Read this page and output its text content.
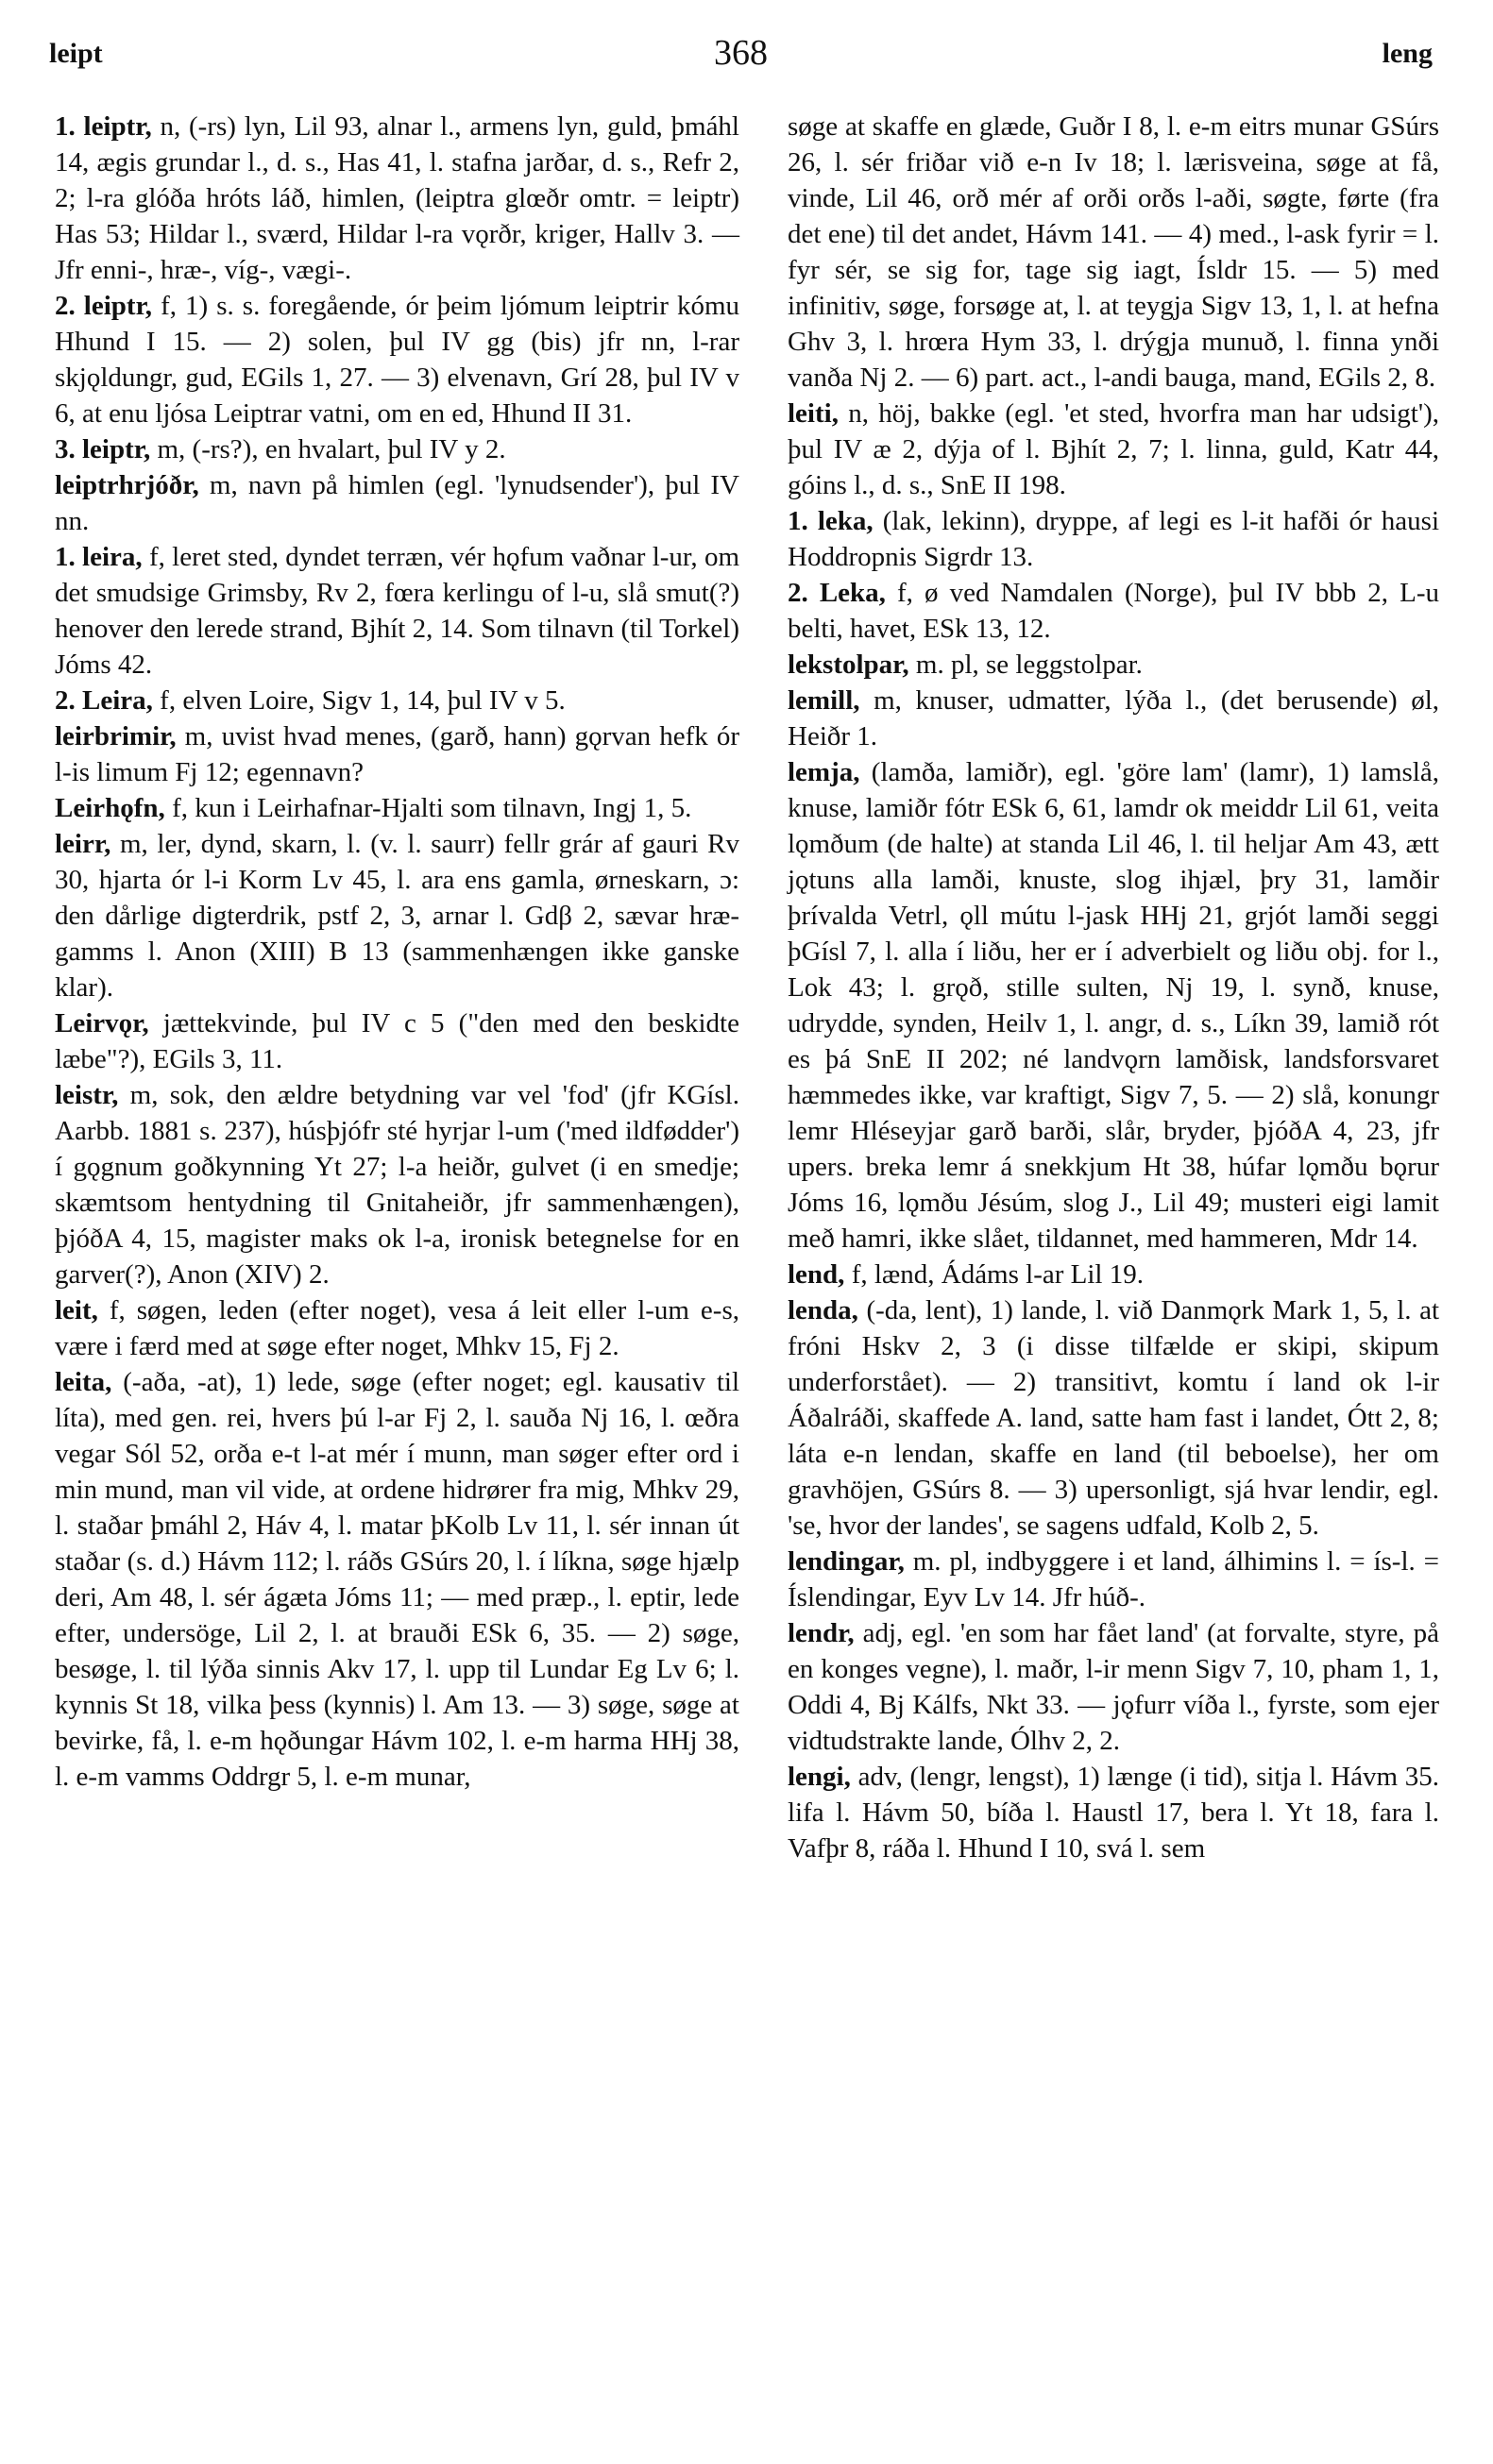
leipt	368	leng

1. leiptr, n, (-rs) lyn, Lil 93, alnar l., armens lyn, guld, þmáhl 14, ægis grundar l., d. s., Has 41, l. stafna jarðar, d. s., Refr 2, 2; l-ra glóða hróts láð, himlen, (leiptra glœðr omtr. = leiptr) Has 53; Hildar l., sværd, Hildar l-ra vǫrðr, kriger, Hallv 3. — Jfr enni-, hræ-, víg-, vægi-.

2. leiptr, f, 1) s. s. foregående, ór þeim ljómum leiptrir kómu Hhund I 15. — 2) solen, þul IV gg (bis) jfr nn, l-rar skjǫldungr, gud, EGils 1, 27. — 3) elvenavn, Grí 28, þul IV v 6, at enu ljósa Leiptrar vatni, om en ed, Hhund II 31.

3. leiptr, m, (-rs?), en hvalart, þul IV y 2.

leiptrhrjóðr, m, navn på himlen (egl. 'lynudsender'), þul IV nn.

1. leira, f, leret sted, dyndet terræn, vér hǫfum vaðnar l-ur, om det smudsige Grimsby, Rv 2, fœra kerlingu of l-u, slå smut(?) henover den lerede strand, Bjhít 2, 14. Som tilnavn (til Torkel) Jóms 42.

2. Leira, f, elven Loire, Sigv 1, 14, þul IV v 5.

leirbrimir, m, uvist hvad menes, (garð, hann) gǫrvan hefk ór l-is limum Fj 12; egennavn?

Leirhǫfn, f, kun i Leirhafnar-Hjalti som tilnavn, Ingj 1, 5.

leirr, m, ler, dynd, skarn, l. (v. l. saurr) fellr grár af gauri Rv 30, hjarta ór l-i Korm Lv 45, l. ara ens gamla, ørneskarn, ɔ: den dårlige digterdrik, pstf 2, 3, arnar l. Gdβ 2, sævar hrægamms l. Anon (XIII) B 13 (sammenhængen ikke ganske klar).

Leirvǫr, jættekvinde, þul IV c 5 ("den med den beskidte læbe"?), EGils 3, 11.

leistr, m, sok, den ældre betydning var vel 'fod' (jfr KGísl. Aarbb. 1881 s. 237), húsþjófr sté hyrjar l-um ('med ildfødder') í gǫgnum goðkynning Yt 27; l-a heiðr, gulvet (i en smedje; skæmtsom hentydning til Gnitaheiðr, jfr sammenhængen), þjóðA 4, 15, magister maks ok l-a, ironisk betegnelse for en garver(?), Anon (XIV) 2.

leit, f, søgen, leden (efter noget), vesa á leit eller l-um e-s, være i færd med at søge efter noget, Mhkv 15, Fj 2.

leita, (-aða, -at), 1) lede, søge (efter noget; egl. kausativ til líta), med gen. rei, hvers þú l-ar Fj 2, l. sauða Nj 16, l. œðra vegar Sól 52, orða e-t l-at mér í munn, man søger efter ord i min mund, man vil vide, at ordene hidrører fra mig, Mhkv 29, l. staðar þmáhl 2, Háv 4, l. matar þKolb Lv 11, l. sér innan út staðar (s. d.) Hávm 112; l. ráðs GSúrs 20, l. í líkna, søge hjælp deri, Am 48, l. sér ágæta Jóms 11; — med præp., l. eptir, lede efter, undersöge, Lil 2, l. at brauði ESk 6, 35. — 2) søge, besøge, l. til lýða sinnis Akv 17, l. upp til Lundar Eg Lv 6; l. kynnis St 18, vilka þess (kynnis) l. Am 13. — 3) søge, søge at bevirke, få, l. e-m hǫðungar Hávm 102, l. e-m harma HHj 38, l. e-m vamms Oddrgr 5, l. e-m munar,

søge at skaffe en glæde, Guðr I 8, l. e-m eitrs munar GSúrs 26, l. sér friðar við e-n Iv 18; l. lærisveina, søge at få, vinde, Lil 46, orð mér af orði orðs l-aði, søgte, førte (fra det ene) til det andet, Hávm 141. — 4) med., l-ask fyrir = l. fyr sér, se sig for, tage sig iagt, Ísldr 15. — 5) med infinitiv, søge, forsøge at, l. at teygja Sigv 13, 1, l. at hefna Ghv 3, l. hrœra Hym 33, l. drýgja munuð, l. finna ynði vanða Nj 2. — 6) part. act., l-andi bauga, mand, EGils 2, 8.

leiti, n, höj, bakke (egl. 'et sted, hvorfra man har udsigt'), þul IV æ 2, dýja of l. Bjhít 2, 7; l. linna, guld, Katr 44, góins l., d. s., SnE II 198.

1. leka, (lak, lekinn), dryppe, af legi es l-it hafði ór hausi Hoddropnis Sigrdr 13.

2. Leka, f, ø ved Namdalen (Norge), þul IV bbb 2, L-u belti, havet, ESk 13, 12.

lekstolpar, m. pl, se leggstolpar.

lemill, m, knuser, udmatter, lýða l., (det berusende) øl, Heiðr 1.

lemja, (lamða, lamiðr), egl. 'göre lam' (lamr), 1) lamslå, knuse, lamiðr fótr ESk 6, 61, lamdr ok meiddr Lil 61, veita lǫmðum (de halte) at standa Lil 46, l. til heljar Am 43, ætt jǫtuns alla lamði, knuste, slog ihjæl, þry 31, lamðir þrívalda Vetrl, ǫll mútu l-jask HHj 21, grjót lamði seggi þGísl 7, l. alla í liðu, her er í adverbielt og liðu obj. for l., Lok 43; l. grǫð, stille sulten, Nj 19, l. synð, knuse, udrydde, synden, Heilv 1, l. angr, d. s., Líkn 39, lamið rót es þá SnE II 202; né landvǫrn lamðisk, landsforsvaret hæmmedes ikke, var kraftigt, Sigv 7, 5. — 2) slå, konungr lemr Hléseyjar garð barði, slår, bryder, þjóðA 4, 23, jfr upers. breka lemr á snekkjum Ht 38, húfar lǫmðu bǫrur Jóms 16, lǫmðu Jésúm, slog J., Lil 49; musteri eigi lamit með hamri, ikke slået, tildannet, med hammeren, Mdr 14.

lend, f, lænd, Ádáms l-ar Lil 19.

lenda, (-da, lent), 1) lande, l. við Danmǫrk Mark 1, 5, l. at fróni Hskv 2, 3 (i disse tilfælde er skipi, skipum underforstået). — 2) transitivt, komtu í land ok l-ir Áðalráði, skaffede A. land, satte ham fast i landet, Ótt 2, 8; láta e-n lendan, skaffe en land (til beboelse), her om gravhöjen, GSúrs 8. — 3) upersonligt, sjá hvar lendir, egl. 'se, hvor der landes', se sagens udfald, Kolb 2, 5.

lendingar, m. pl, indbyggere i et land, álhimins l. = ís-l. = Íslendingar, Eyv Lv 14. Jfr húð-.

lendr, adj, egl. 'en som har fået land' (at forvalte, styre, på en konges vegne), l. maðr, l-ir menn Sigv 7, 10, pham 1, 1, Oddi 4, Bj Kálfs, Nkt 33. — jǫfurr víða l., fyrste, som ejer vidtudstrakte lande, Ólhv 2, 2.

lengi, adv, (lengr, lengst), 1) længe (i tid), sitja l. Hávm 35. lifa l. Hávm 50, bíða l. Haustl 17, bera l. Yt 18, fara l. Vafþr 8, ráða l. Hhund I 10, svá l. sem
